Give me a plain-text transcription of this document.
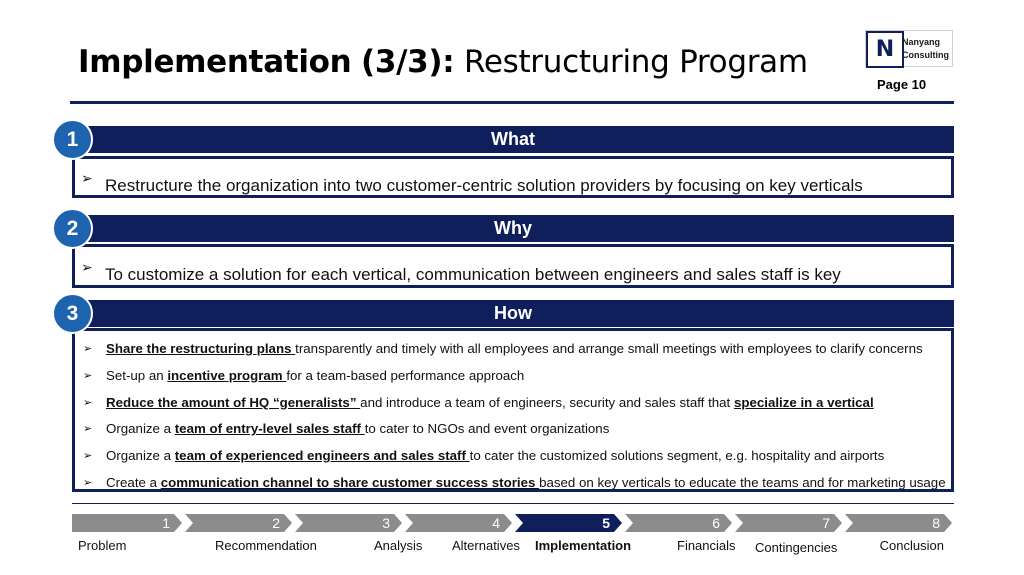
Implementation (3/3): Restructuring Program	N Nanyang
Consulting
Page 10
What
➢ Restructure the organization into two customer-centric solution providers by focusing on key verticals
1
Why
➢ To customize a solution for each vertical, communication between engineers and sales staff is key
2
How
➢ Share the restructuring plans transparently and timely with all employees and arrange small meetings with employees to clarify concerns
➢ Set-up an incentive program for a team-based performance approach
➢ Reduce the amount of HQ “generalists” and introduce a team of engineers, security and sales staff that specialize in a vertical
➢ Organize a team of entry-level sales staff to cater to NGOs and event organizations
➢ Organize a team of experienced engineers and sales staff to cater the customized solutions segment, e.g. hospitality and airports
➢ Create a communication channel to share customer success stories based on key verticals to educate the teams and for marketing usage
3
1	2	3	4	5	6	7	8
Problem	Recommendation	Analysis Alternatives Implementation	Financials Contingencies	Conclusion
